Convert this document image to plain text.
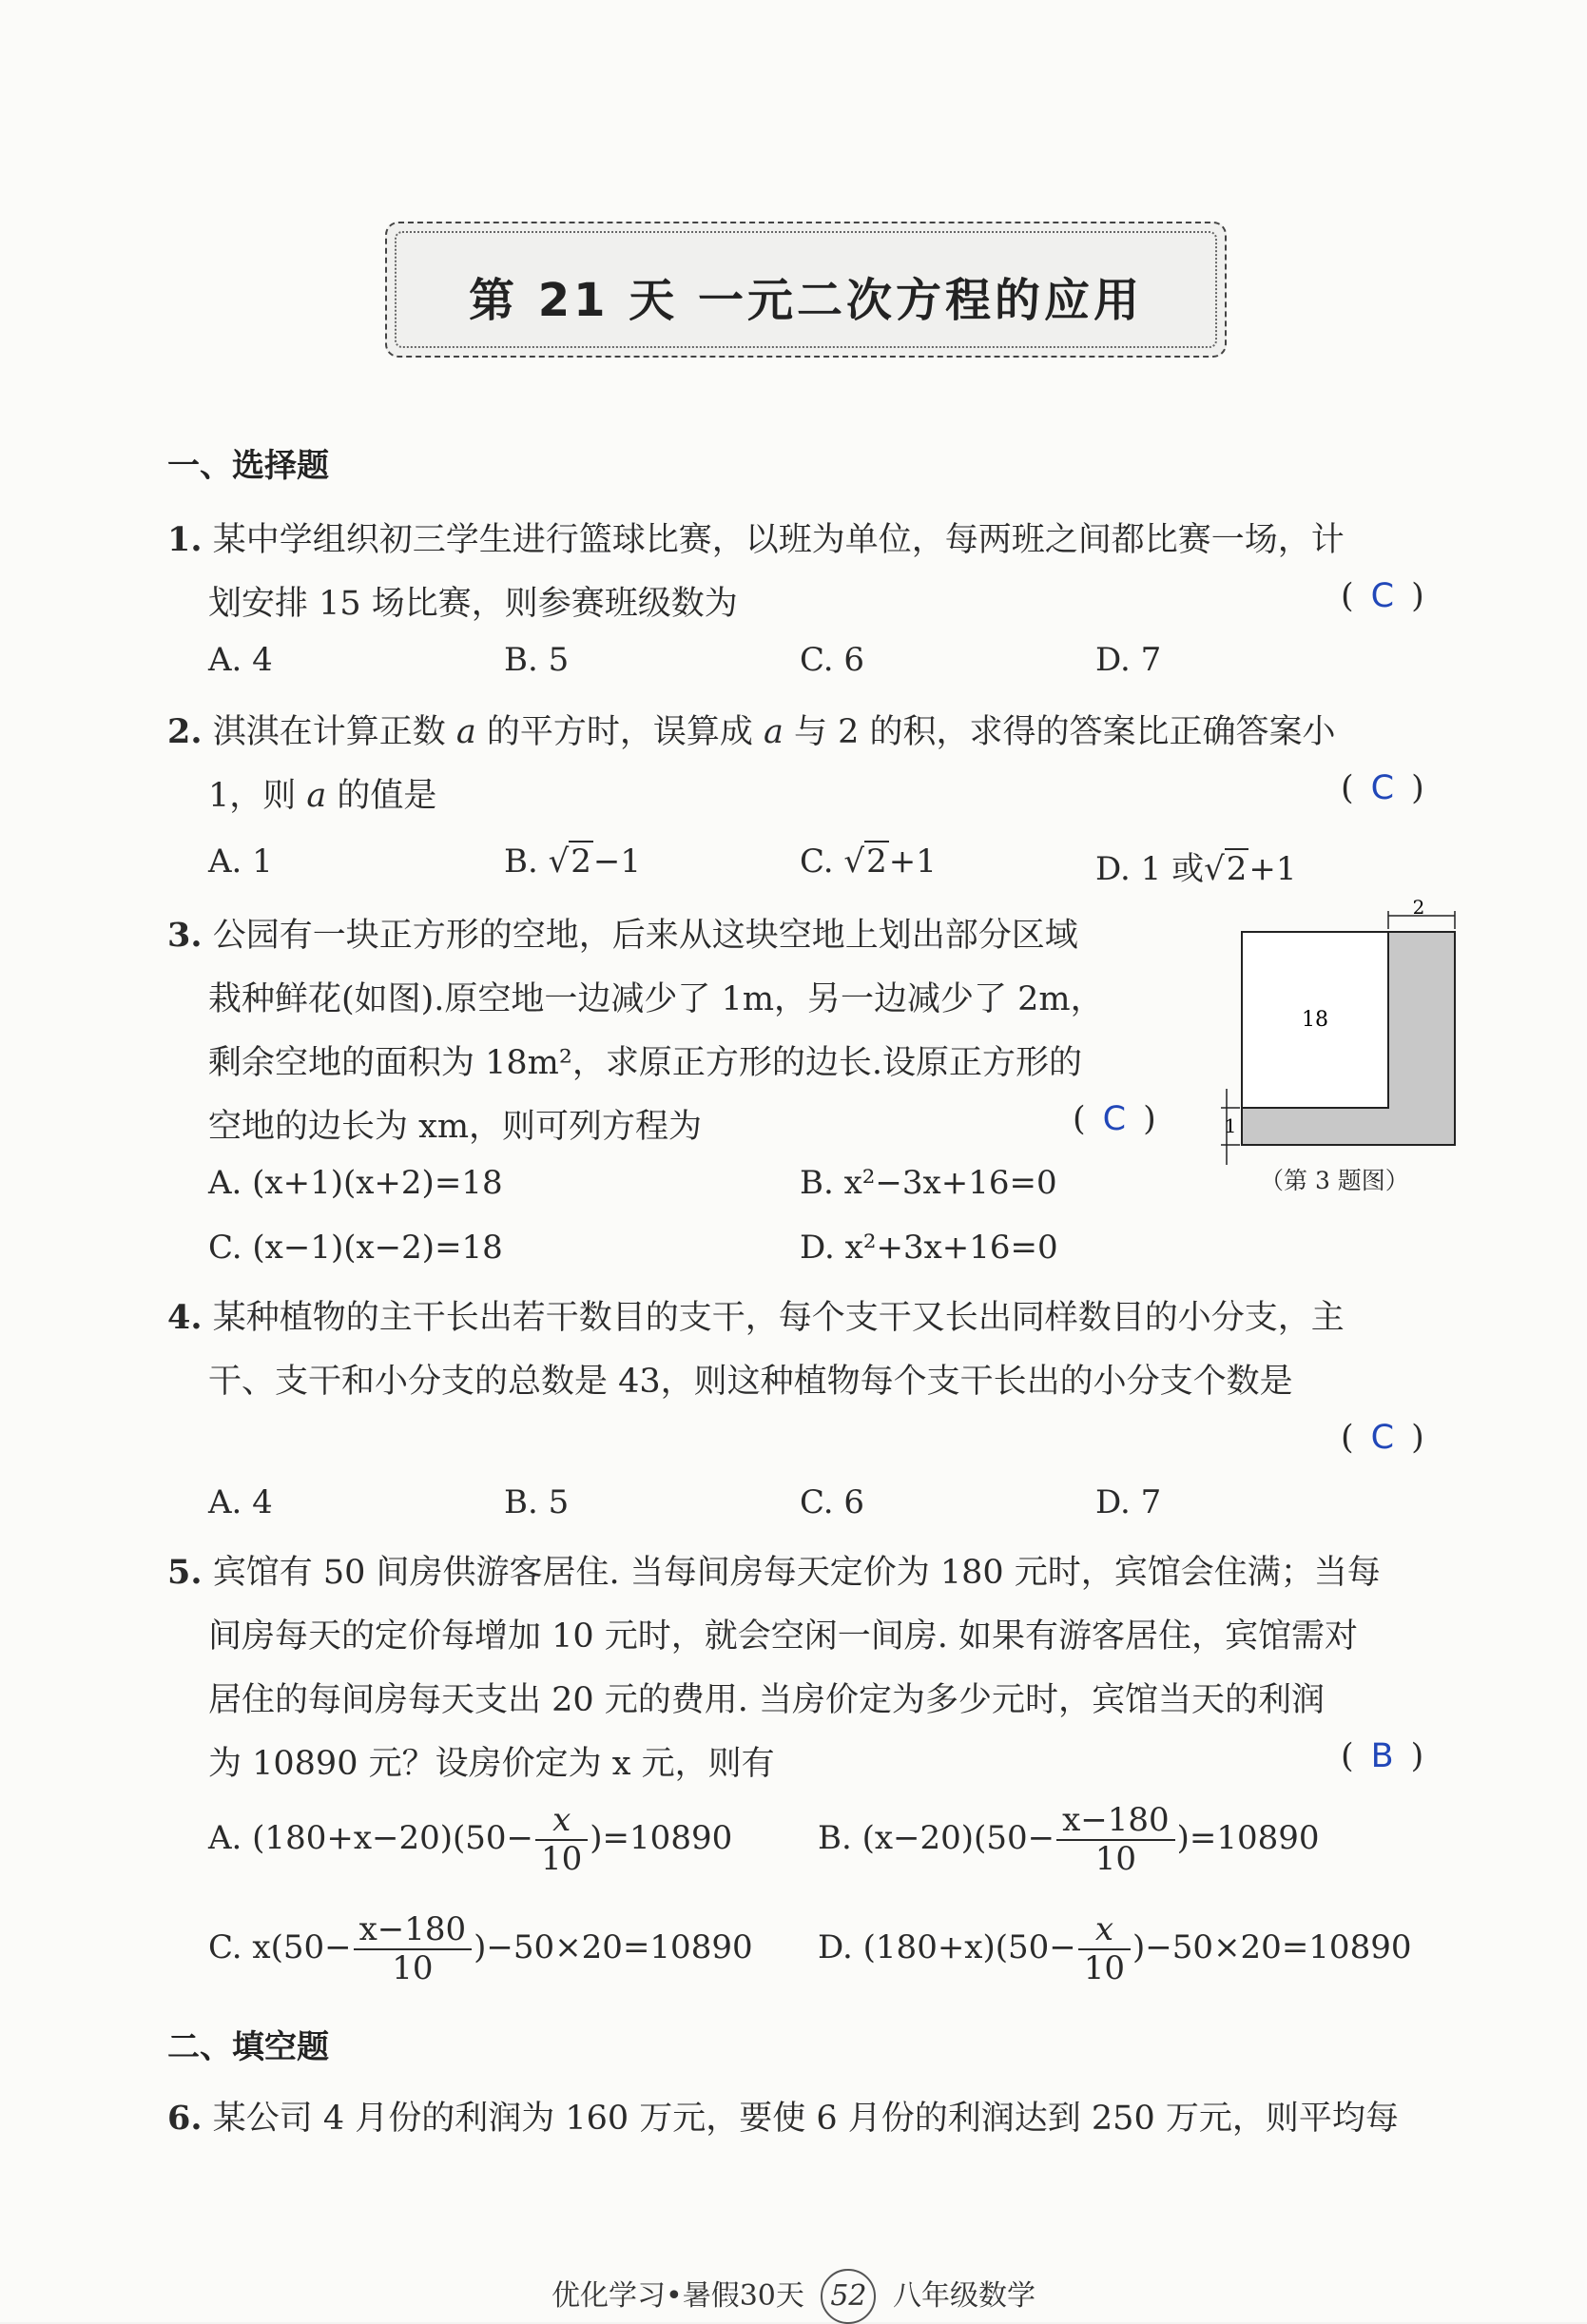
第 21 天 一元二次方程的应用
一、选择题
1. 某中学组织初三学生进行篮球比赛，以班为单位，每两班之间都比赛一场，计
划安排 15 场比赛，则参赛班级数为	( C )
A. 4	B. 5	C. 6	D. 7
2. 淇淇在计算正数 a 的平方时，误算成 a 与 2 的积，求得的答案比正确答案小
1，则 a 的值是	( C )
A. 1	B. √2−1	C. √2+1	D. 1 或√2+1
3. 公园有一块正方形的空地，后来从这块空地上划出部分区域
栽种鲜花(如图).原空地一边减少了 1m，另一边减少了 2m，
剩余空地的面积为 18m²，求原正方形的边长.设原正方形的
空地的边长为 xm，则可列方程为	( C )
A. (x+1)(x+2)=18	B. x²−3x+16=0
C. (x−1)(x−2)=18	D. x²+3x+16=0
2
1
18
（第 3 题图）
4. 某种植物的主干长出若干数目的支干，每个支干又长出同样数目的小分支，主
干、支干和小分支的总数是 43，则这种植物每个支干长出的小分支个数是
( C )
A. 4	B. 5	C. 6	D. 7
5. 宾馆有 50 间房供游客居住. 当每间房每天定价为 180 元时，宾馆会住满；当每
间房每天的定价每增加 10 元时，就会空闲一间房. 如果有游客居住，宾馆需对
居住的每间房每天支出 20 元的费用. 当房价定为多少元时，宾馆当天的利润
为 10890 元？设房价定为 x 元，则有	( B )
A. $(180+x-20)(50- \frac{x}{10} )=10890$	B. $(x-20)(50- \frac{x-180}{10} )=10890$
C. $x(50- \frac{x-180}{10} )-50\times 20=10890$ D. $(180+x)(50- \frac{x}{10} )-50\times 20=10890$
二、填空题
6. 某公司 4 月份的利润为 160 万元，要使 6 月份的利润达到 250 万元，则平均每
优化学习•暑假30天 52 八年级数学
